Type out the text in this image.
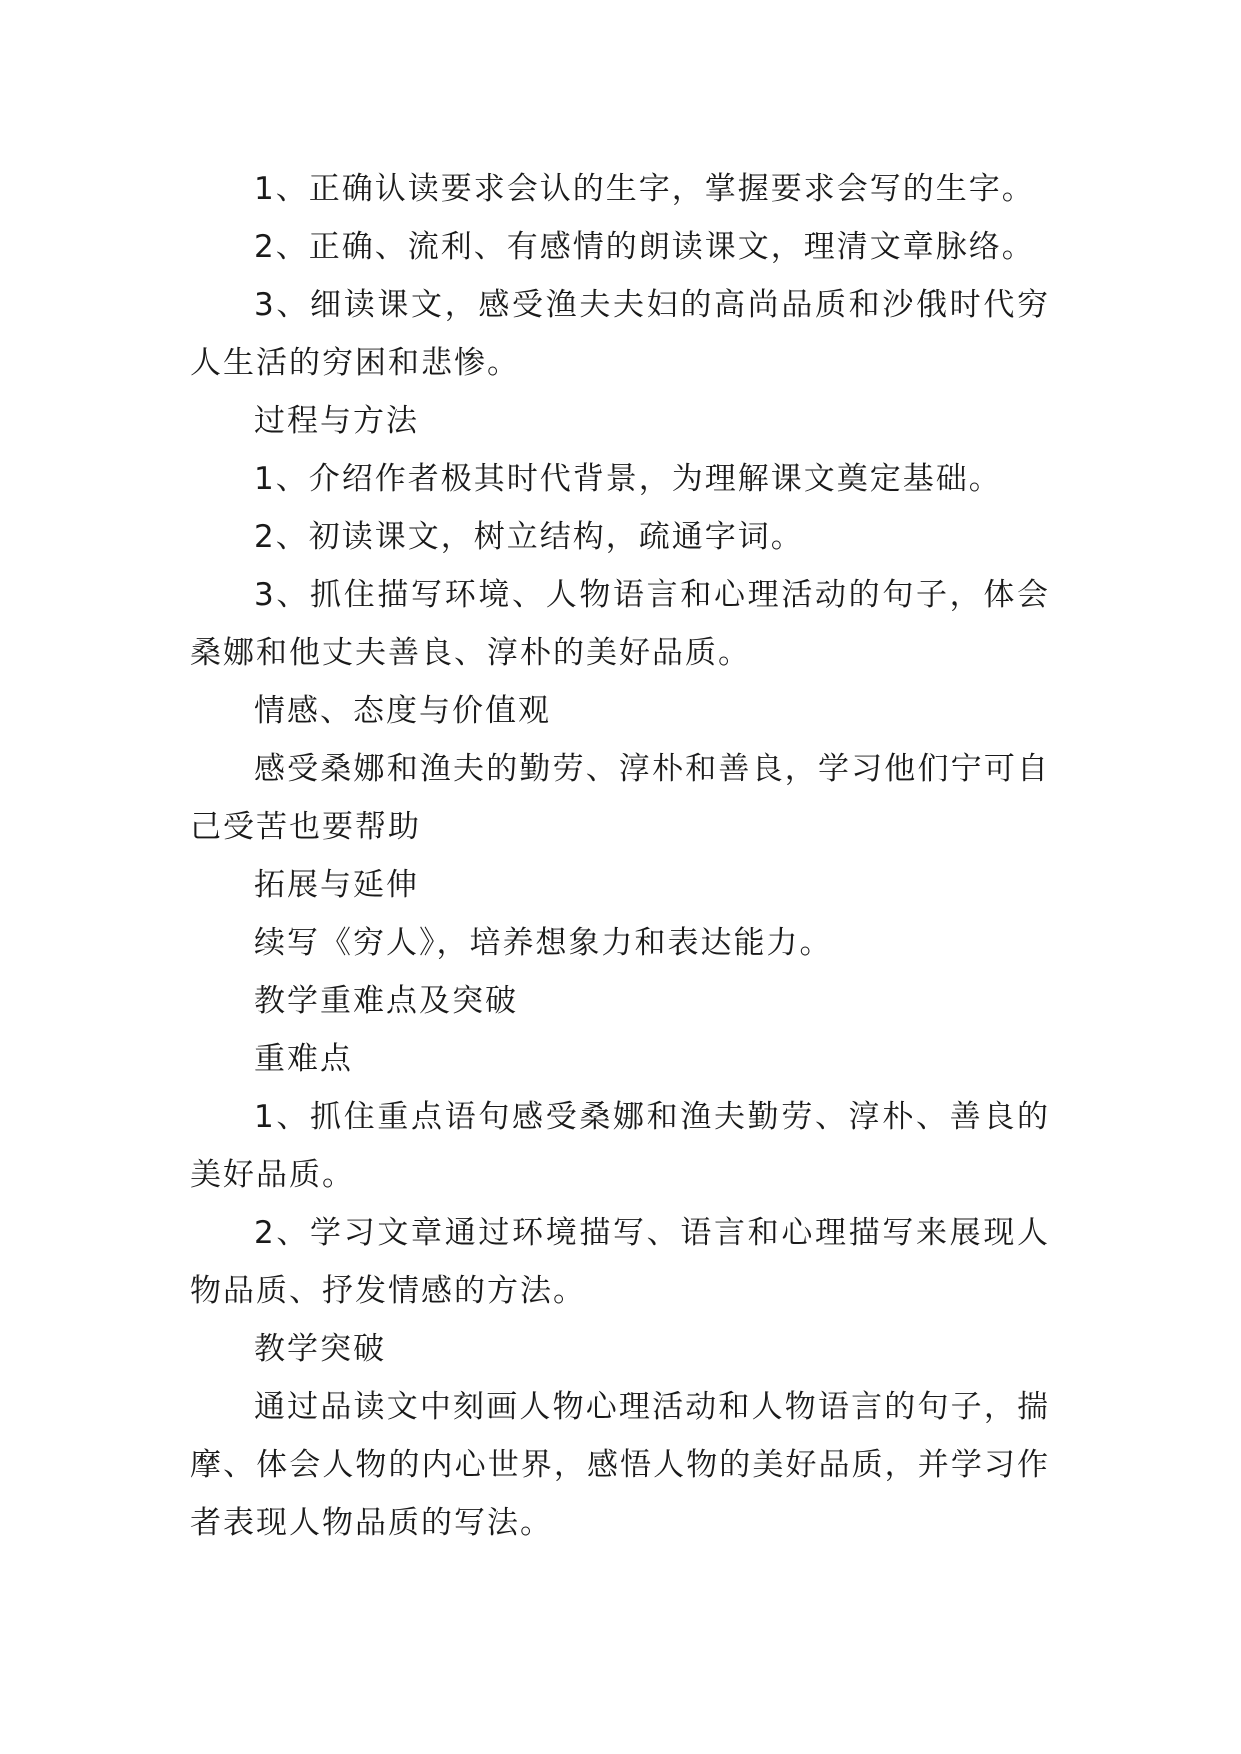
1、正确认读要求会认的生字，掌握要求会写的生字。

2、正确、流利、有感情的朗读课文，理清文章脉络。

3、细读课文，感受渔夫夫妇的高尚品质和沙俄时代穷人生活的穷困和悲惨。

过程与方法

1、介绍作者极其时代背景，为理解课文奠定基础。

2、初读课文，树立结构，疏通字词。

3、抓住描写环境、人物语言和心理活动的句子，体会桑娜和他丈夫善良、淳朴的美好品质。

情感、态度与价值观

感受桑娜和渔夫的勤劳、淳朴和善良，学习他们宁可自己受苦也要帮助

拓展与延伸

续写《穷人》，培养想象力和表达能力。

教学重难点及突破

重难点

1、抓住重点语句感受桑娜和渔夫勤劳、淳朴、善良的美好品质。

2、学习文章通过环境描写、语言和心理描写来展现人物品质、抒发情感的方法。

教学突破

通过品读文中刻画人物心理活动和人物语言的句子，揣摩、体会人物的内心世界，感悟人物的美好品质，并学习作者表现人物品质的写法。
